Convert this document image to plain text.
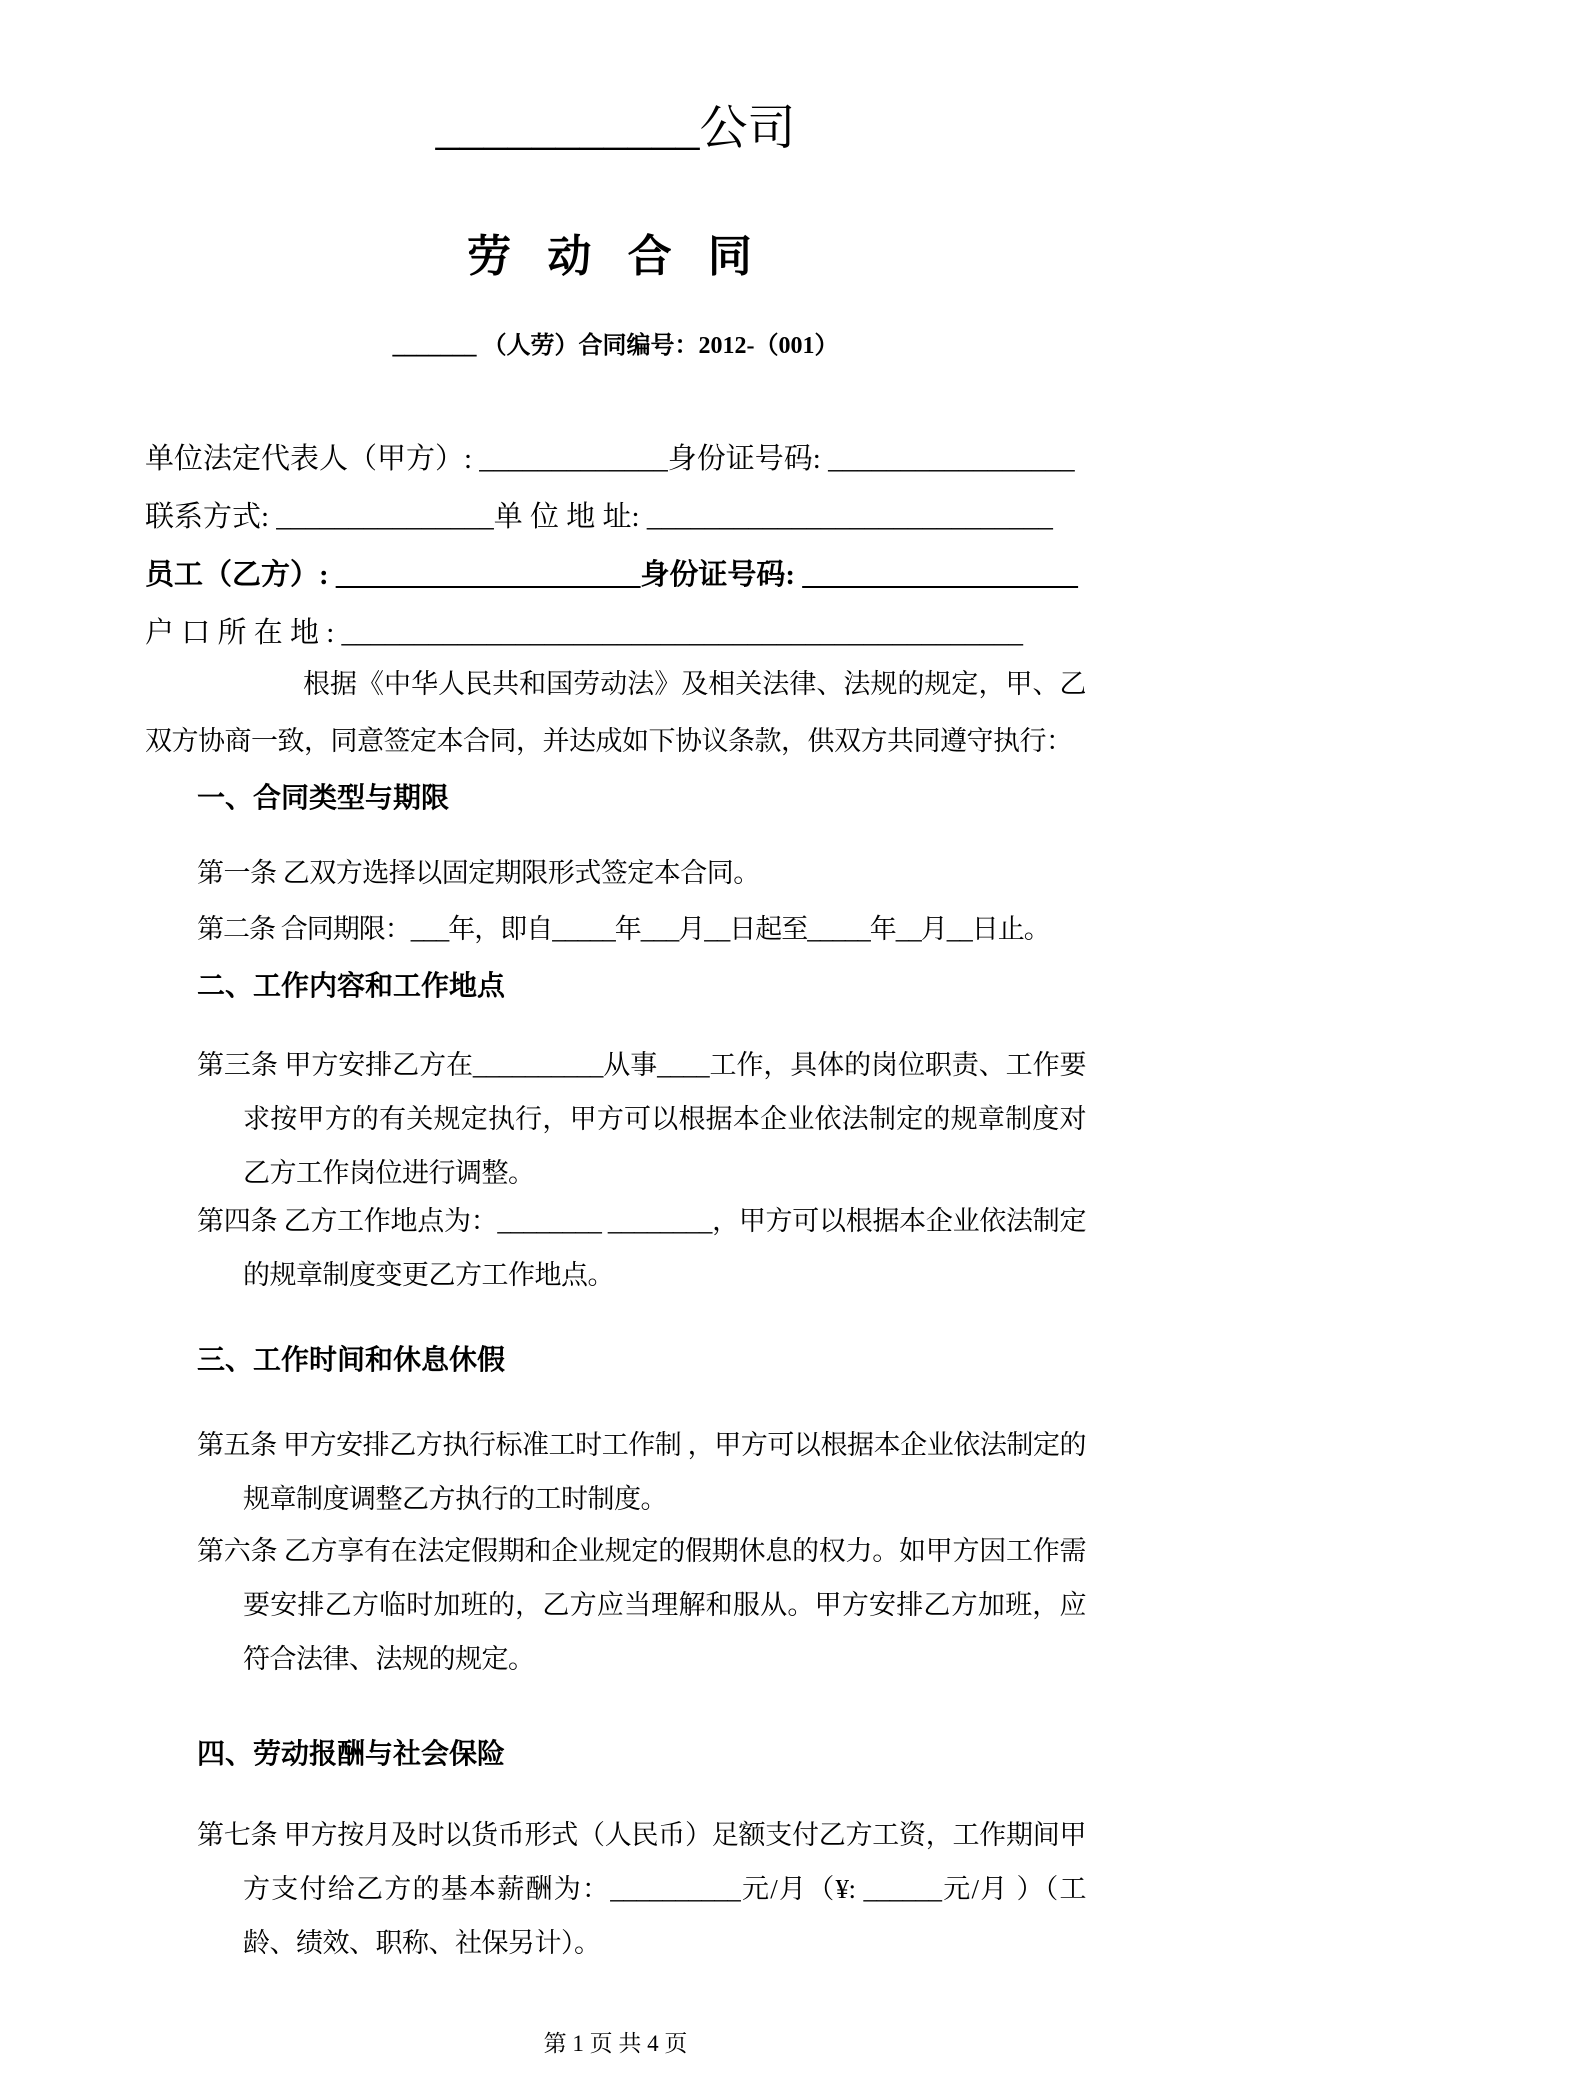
___________公司
劳 动 合 同
_______ （人劳）合同编号：2012-（001）
单位法定代表人（甲方）: _____________身份证号码: _________________
联系方式: _______________单 位 地 址: ____________________________
员工（乙方）: _____________________身份证号码: ___________________
户 口 所 在 地 : _______________________________________________
根据《中华人民共和国劳动法》及相关法律、法规的规定，甲、乙双方协商一致，同意签定本合同，并达成如下协议条款，供双方共同遵守执行：
一、合同类型与期限
第一条 乙双方选择以固定期限形式签定本合同。
第二条 合同期限：___年，即自_____年___月__日起至_____年__月__日止。
二、工作内容和工作地点
第三条 甲方安排乙方在__________从事____工作，具体的岗位职责、工作要求按甲方的有关规定执行，甲方可以根据本企业依法制定的规章制度对乙方工作岗位进行调整。
第四条 乙方工作地点为：________ ________，甲方可以根据本企业依法制定的规章制度变更乙方工作地点。
三、工作时间和休息休假
第五条 甲方安排乙方执行标准工时工作制 ，甲方可以根据本企业依法制定的规章制度调整乙方执行的工时制度。
第六条 乙方享有在法定假期和企业规定的假期休息的权力。如甲方因工作需要安排乙方临时加班的，乙方应当理解和服从。甲方安排乙方加班，应符合法律、法规的规定。
四、劳动报酬与社会保险
第七条 甲方按月及时以货币形式（人民币）足额支付乙方工资，工作期间甲方支付给乙方的基本薪酬为：__________元/月（¥: ______元/月 ）（工龄、绩效、职称、社保另计）。
第 1 页 共 4 页
